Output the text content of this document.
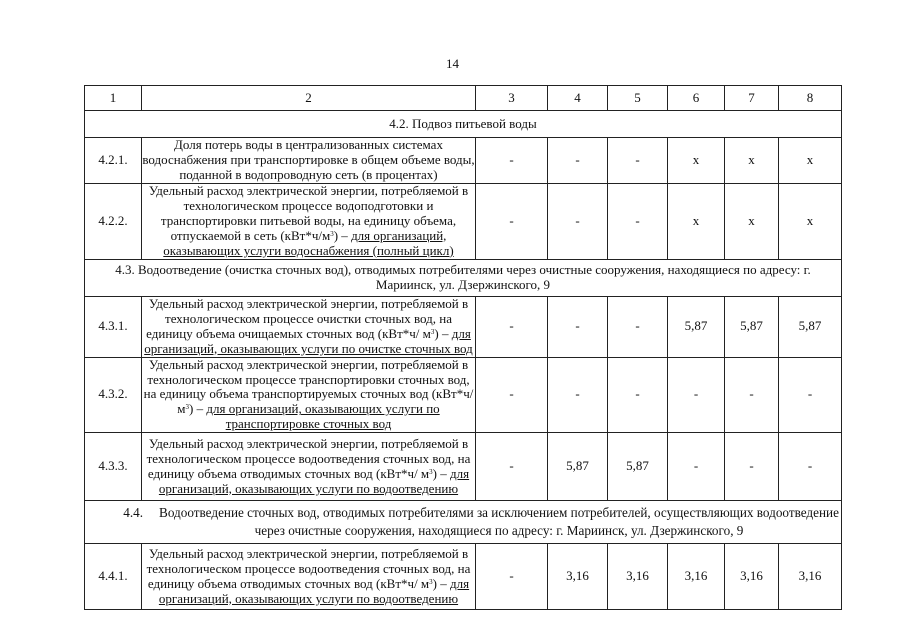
14
1	2	3	4	5	6	7	8
4.2. Подвоз питьевой воды
4.2.1.	Доля потерь воды в централизованных системах водоснабжения при транспортировке в общем объеме воды, поданной в водопроводную сеть (в процентах)	-	-	-	х	х	х
4.2.2.	Удельный расход электрической энергии, потребляемой в технологическом процессе водоподготовки и транспортировки питьевой воды, на единицу объема, отпускаемой в сеть $(кВт*ч/м^3)$ – для организаций, оказывающих услуги водоснабжения (полный цикл)	-	-	-	х	х	х
4.3. Водоотведение (очистка сточных вод), отводимых потребителями через очистные сооружения, находящиеся по адресу: г. Мариинск, ул. Дзержинского, 9
4.3.1.	Удельный расход электрической энергии, потребляемой в технологическом процессе очистки сточных вод, на единицу объема очищаемых сточных вод (кВт*ч/ $м^3$) – для организаций, оказывающих услуги по очистке сточных вод	-	-	-	5,87	5,87	5,87
4.3.2.	Удельный расход электрической энергии, потребляемой в технологическом процессе транспортировки сточных вод, на единицу объема транспортируемых сточных вод (кВт*ч/ $м^3$) – для организаций, оказывающих услуги по транспортировке сточных вод	-	-	-	-	-	-
4.3.3.	Удельный расход электрической энергии, потребляемой в технологическом процессе водоотведения сточных вод, на единицу объема отводимых сточных вод (кВт*ч/ $м^3$) – для организаций, оказывающих услуги по водоотведению	-	5,87	5,87	-	-	-

4.4.	Водоотведение сточных вод, отводимых потребителями за исключением потребителей, осуществляющих водоотведение через очистные сооружения, находящиеся по адресу: г. Мариинск, ул. Дзержинского, 9

4.4.1.	Удельный расход электрической энергии, потребляемой в технологическом процессе водоотведения сточных вод, на единицу объема отводимых сточных вод (кВт*ч/ $м^3$) – для организаций, оказывающих услуги по водоотведению	-	3,16	3,16	3,16	3,16	3,16
